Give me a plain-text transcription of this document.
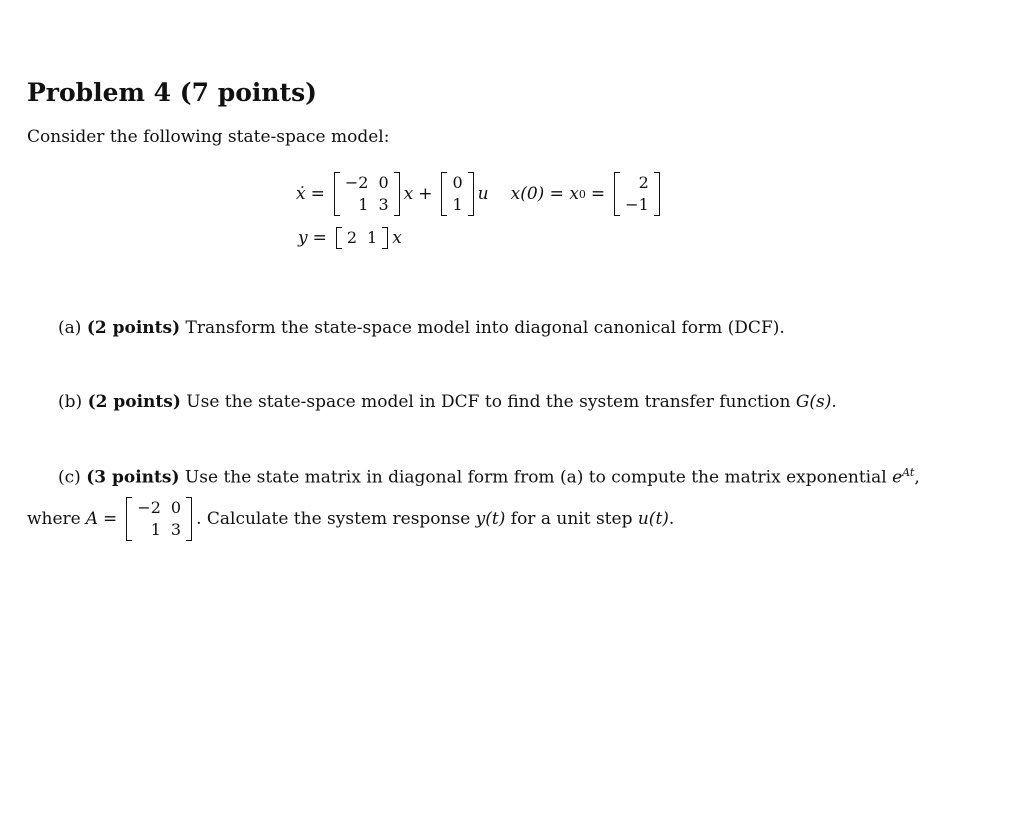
Problem 4 (7 points)

Consider the following state-space model:

ẋ =
−2	0
1	3
x +
0
1
u x(0) = x 0 =
2
−1
y = 2	1 x

(a) (2 points) Transform the state-space model into diagonal canonical form (DCF).

(b) (2 points) Use the state-space model in DCF to find the system transfer function G(s).

(c) (3 points) Use the state matrix in diagonal form from (a) to compute the matrix exponential $e^{At}$,

where A =
−2	0
1	3
. Calculate the system response
y(t)
for a unit step
u(t) .
